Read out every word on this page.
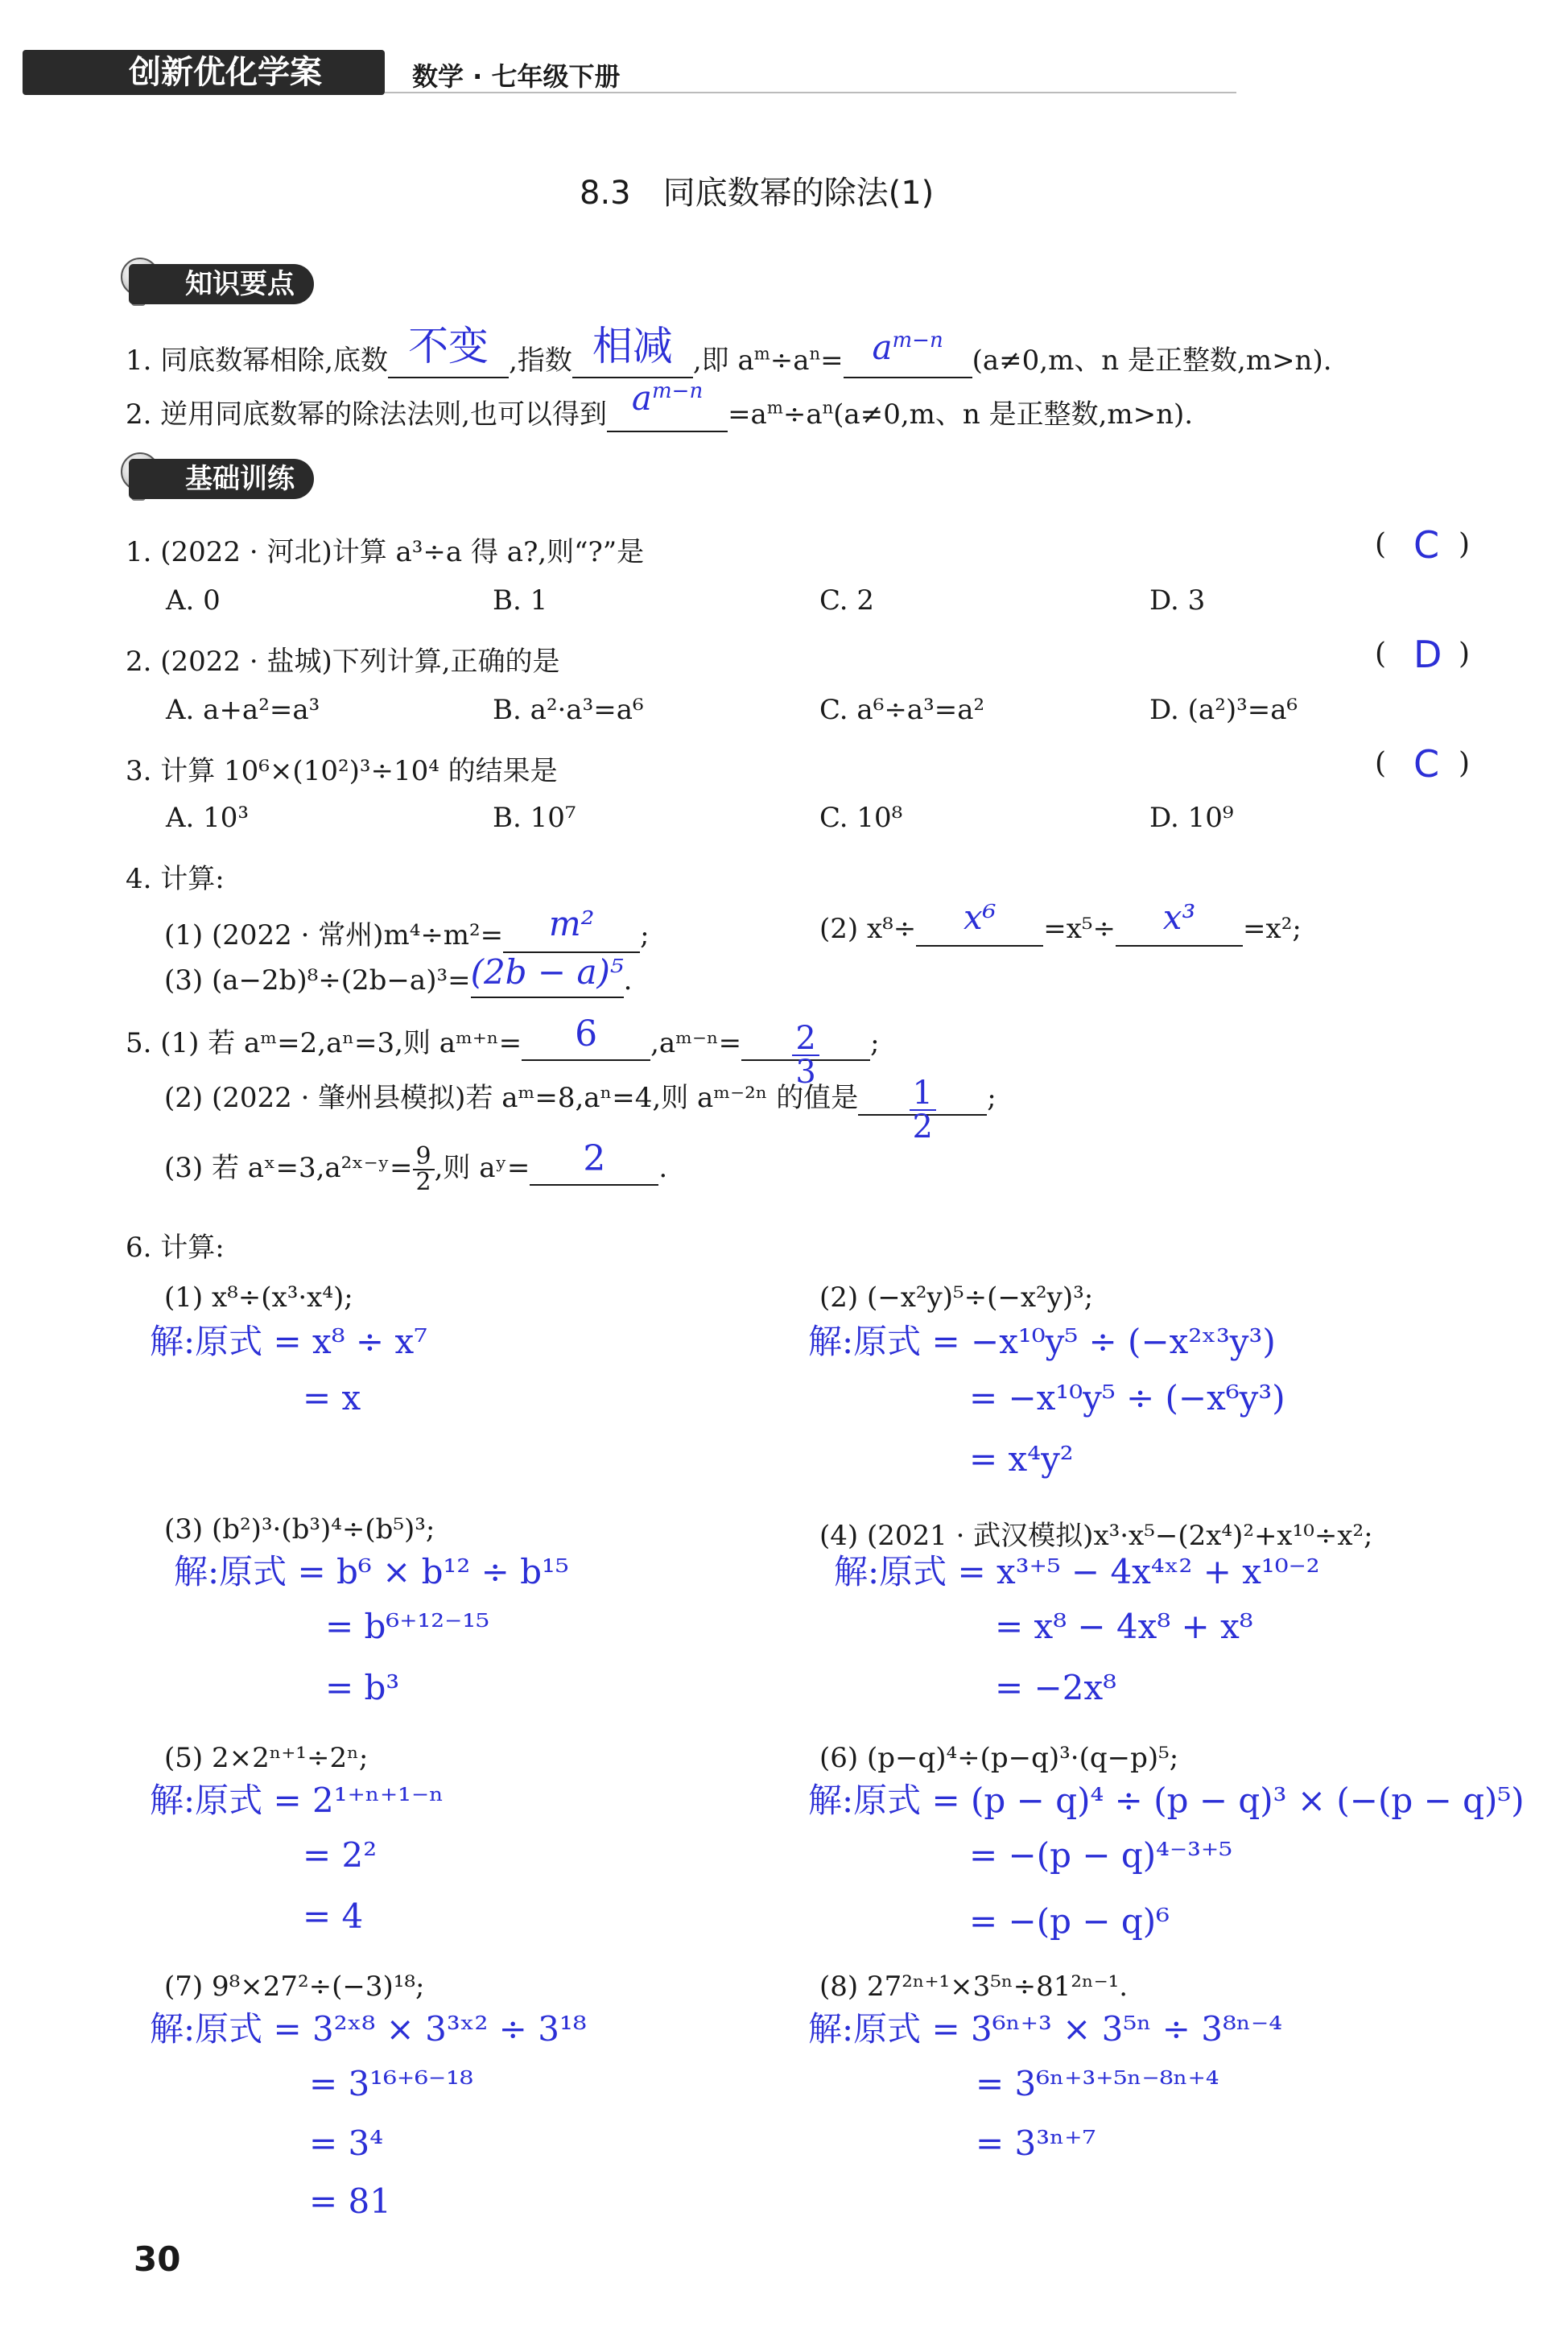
创新优化学案	数学 · 七年级下册
8.3　同底数幂的除法(1)
知识要点
1. 同底数幂相除,底数 不变 ,指数 相减 ,即 $a^m\div a^n= a^{m-n}$
(a≠0,m、n 是正整数,m>n).
2. 逆用同底数幂的除法法则,也可以得到 $a^{m-n}$
$=a^m\div a^n(a\ne 0,m$、n 是正整数,m>n).
基础训练
1. (2022 · 河北)计算 a³÷a 得 a?,则“?”是	( C )
A. 0	B. 1	C. 2	D. 3
2. (2022 · 盐城)下列计算,正确的是	( D )
A. a+a²=a³	B. a²·a³=a⁶	C. a⁶÷a³=a²	D. (a²)³=a⁶
3. 计算 10⁶×(10²)³÷10⁴ 的结果是	( C )
A. 10³	B. 10⁷	C. 10⁸	D. 10⁹
4. 计算:
(1) (2022 · 常州)m⁴÷m²=	m²	;	(2) x⁸÷	x⁶	=x⁵÷	x³	=x²;
(3) (a−2b)⁸÷(2b−a)³= (2b − a)⁵ .
5. (1) 若 aᵐ=2,aⁿ=3,则 aᵐ⁺ⁿ=	6	,aᵐ⁻ⁿ= $\frac{2}{3}$ ;
(2) (2022 · 肇州县模拟)若 aᵐ=8,aⁿ=4,则 aᵐ⁻²ⁿ 的值是 $\frac{1}{2}$ ;
(3) 若 aˣ=3,a²ˣ⁻ʸ= $\frac{9}{2}$ ,则 aʸ=	2	.
6. 计算:
(1) x⁸÷(x³·x⁴);
解:原式 = x⁸ ÷ x⁷
= x
(2) (−x²y)⁵÷(−x²y)³;
解:原式 = −x¹⁰y⁵ ÷ (−x²ˣ³y³)
= −x¹⁰y⁵ ÷ (−x⁶y³)
= x⁴y²
(3) (b²)³·(b³)⁴÷(b⁵)³;
解:原式 = b⁶ × b¹² ÷ b¹⁵
= b⁶⁺¹²⁻¹⁵
= b³
(4) (2021 · 武汉模拟)x³·x⁵−(2x⁴)²+x¹⁰÷x²;
解:原式 = x³⁺⁵ − 4x⁴ˣ² + x¹⁰⁻²
= x⁸ − 4x⁸ + x⁸
= −2x⁸
(5) 2×2ⁿ⁺¹÷2ⁿ;
解:原式 = 2¹⁺ⁿ⁺¹⁻ⁿ
= 2²
= 4
(6) (p−q)⁴÷(p−q)³·(q−p)⁵;
解:原式 = (p − q)⁴ ÷ (p − q)³ × (−(p − q)⁵)
= −(p − q)⁴⁻³⁺⁵
= −(p − q)⁶
(7) 9⁸×27²÷(−3)¹⁸;
解:原式 = 3²ˣ⁸ × 3³ˣ² ÷ 3¹⁸
= 3¹⁶⁺⁶⁻¹⁸
= 3⁴
= 81
(8) 27²ⁿ⁺¹×3⁵ⁿ÷81²ⁿ⁻¹.
解:原式 = 3⁶ⁿ⁺³ × 3⁵ⁿ ÷ 3⁸ⁿ⁻⁴
= 3⁶ⁿ⁺³⁺⁵ⁿ⁻⁸ⁿ⁺⁴
= 3³ⁿ⁺⁷
30
